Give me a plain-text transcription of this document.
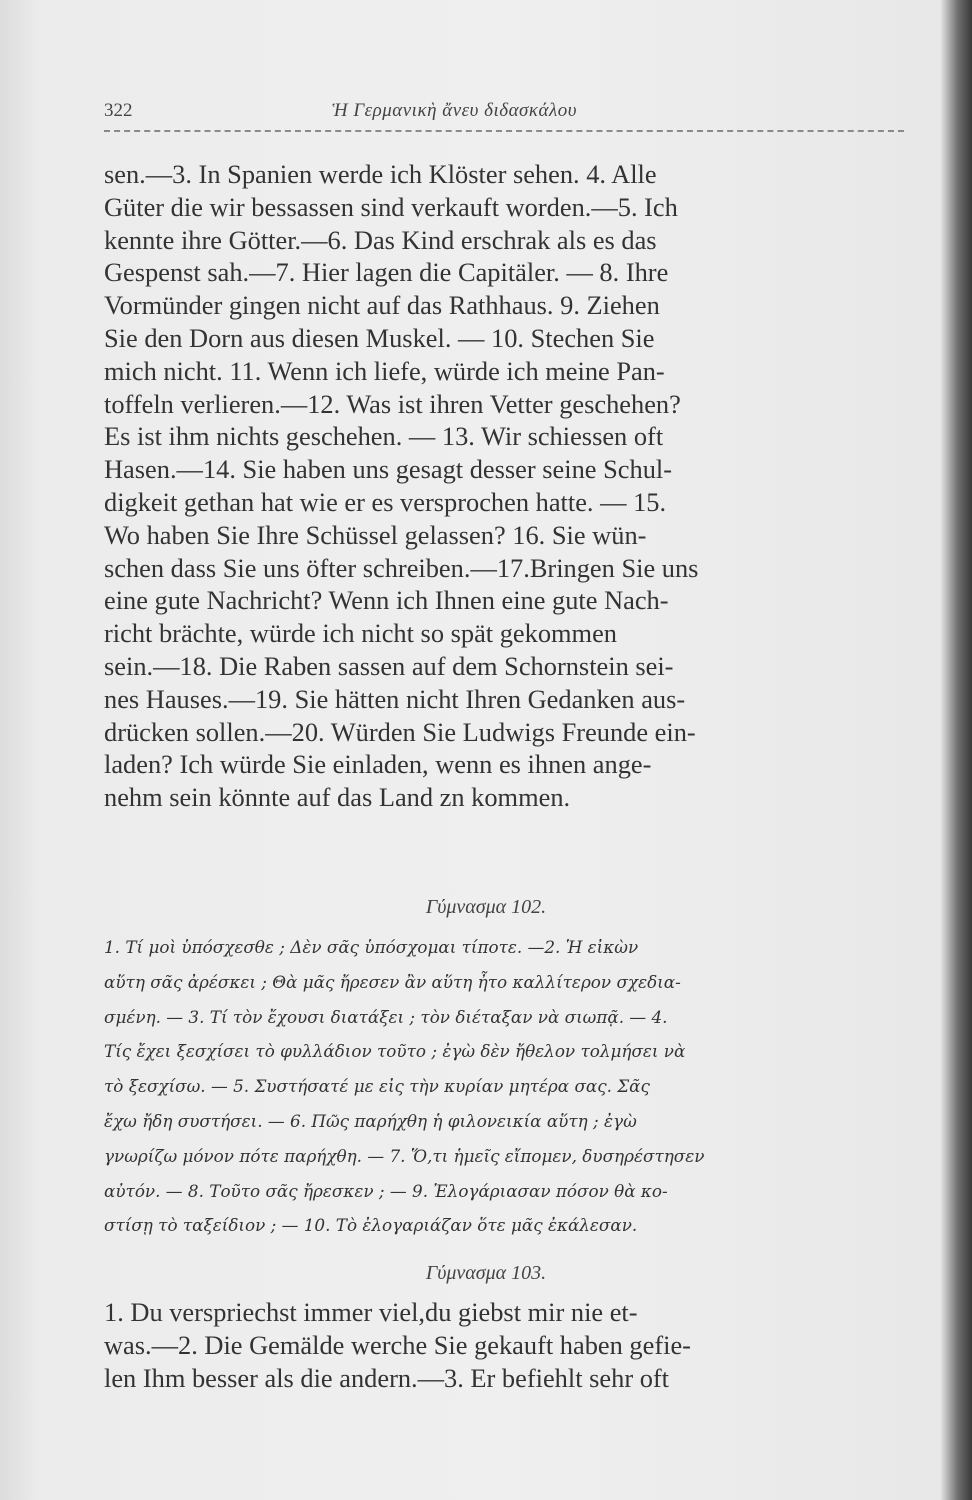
322	Ἡ Γερμανικὴ ἄνευ διδασκάλου
sen.—3. In Spanien werde ich Klöster sehen. 4. Alle
Güter die wir bessassen sind verkauft worden.—5. Ich
kennte ihre Götter.—6. Das Kind erschrak als es das
Gespenst sah.—7. Hier lagen die Capitäler. — 8. Ihre
Vormünder gingen nicht auf das Rathhaus. 9. Ziehen
Sie den Dorn aus diesen Muskel. — 10. Stechen Sie
mich nicht. 11. Wenn ich liefe, würde ich meine Pan-
toffeln verlieren.—12. Was ist ihren Vetter geschehen?
Es ist ihm nichts geschehen. — 13. Wir schiessen oft
Hasen.—14. Sie haben uns gesagt desser seine Schul-
digkeit gethan hat wie er es versprochen hatte. — 15.
Wo haben Sie Ihre Schüssel gelassen? 16. Sie wün-
schen dass Sie uns öfter schreiben.—17.Bringen Sie uns
eine gute Nachricht? Wenn ich Ihnen eine gute Nach-
richt brächte, würde ich nicht so spät gekommen
sein.—18. Die Raben sassen auf dem Schornstein sei-
nes Hauses.—19. Sie hätten nicht Ihren Gedanken aus-
drücken sollen.—20. Würden Sie Ludwigs Freunde ein-
laden? Ich würde Sie einladen, wenn es ihnen ange-
nehm sein könnte auf das Land zn kommen.
Γύμνασμα 102.
1. Τί μοὶ ὑπόσχεσθε ; Δὲν σᾶς ὑπόσχομαι τίποτε. —2. Ἡ εἰκὼν
αὕτη σᾶς ἀρέσκει ; Θὰ μᾶς ἤρεσεν ἂν αὕτη ἦτο καλλίτερον σχεδια-
σμένη. — 3. Τί τὸν ἔχουσι διατάξει ; τὸν διέταξαν νὰ σιωπᾷ. — 4.
Τίς ἔχει ξεσχίσει τὸ φυλλάδιον τοῦτο ; ἐγὼ δὲν ἤθελον τολμήσει νὰ
τὸ ξεσχίσω. — 5. Συστήσατέ με εἰς τὴν κυρίαν μητέρα σας. Σᾶς
ἔχω ἤδη συστήσει. — 6. Πῶς παρήχθη ἡ φιλονεικία αὕτη ; ἐγὼ
γνωρίζω μόνον πότε παρήχθη. — 7. Ὅ,τι ἡμεῖς εἴπομεν, δυσηρέστησεν
αὐτόν. — 8. Τοῦτο σᾶς ἤρεσκεν ; — 9. Ἐλογάριασαν πόσον θὰ κο-
στίσῃ τὸ ταξείδιον ; — 10. Τὸ ἐλογαριάζαν ὅτε μᾶς ἐκάλεσαν.
Γύμνασμα 103.
1. Du verspriechst immer viel,du giebst mir nie et-
was.—2. Die Gemälde werche Sie gekauft haben gefie-
len Ihm besser als die andern.—3. Er befiehlt sehr oft
